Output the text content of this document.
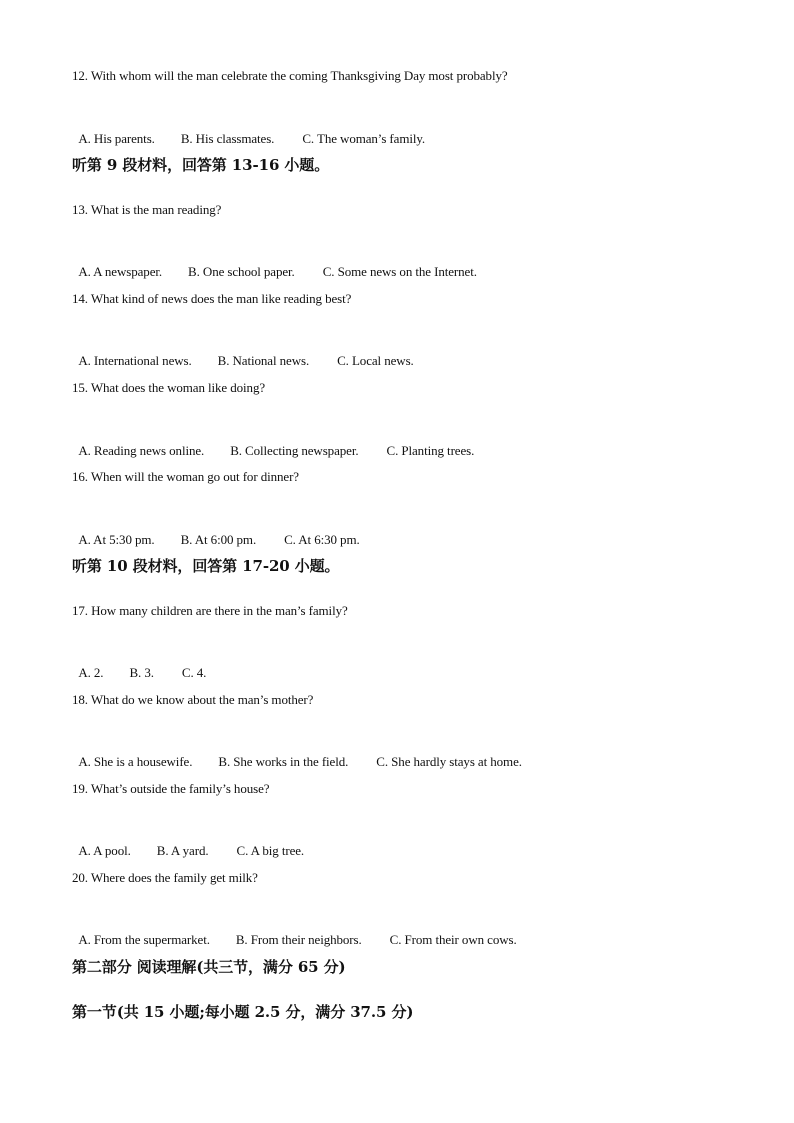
12. With whom will the man celebrate the coming Thanksgiving Day most probably?

A. His parents. B. His classmates. C. The woman’s family.

听第 9 段材料，回答第 13-16 小题。
13. What is the man reading?

A. A newspaper. B. One school paper. C. Some news on the Internet.

14. What kind of news does the man like reading best?

A. International news. B. National news. C. Local news.

15. What does the woman like doing?

A. Reading news online. B. Collecting newspaper. C. Planting trees.

16. When will the woman go out for dinner?

A. At 5:30 pm. B. At 6:00 pm. C. At 6:30 pm.

听第 10 段材料，回答第 17-20 小题。
17. How many children are there in the man’s family?

A. 2. B. 3. C. 4.

18. What do we know about the man’s mother?

A. She is a housewife. B. She works in the field. C. She hardly stays at home.

19. What’s outside the family’s house?

A. A pool. B. A yard. C. A big tree.

20. Where does the family get milk?

A. From the supermarket. B. From their neighbors. C. From their own cows.

第二部分 阅读理解(共三节，满分 65 分)
第一节(共 15 小题;每小题 2.5 分，满分 37.5 分)
